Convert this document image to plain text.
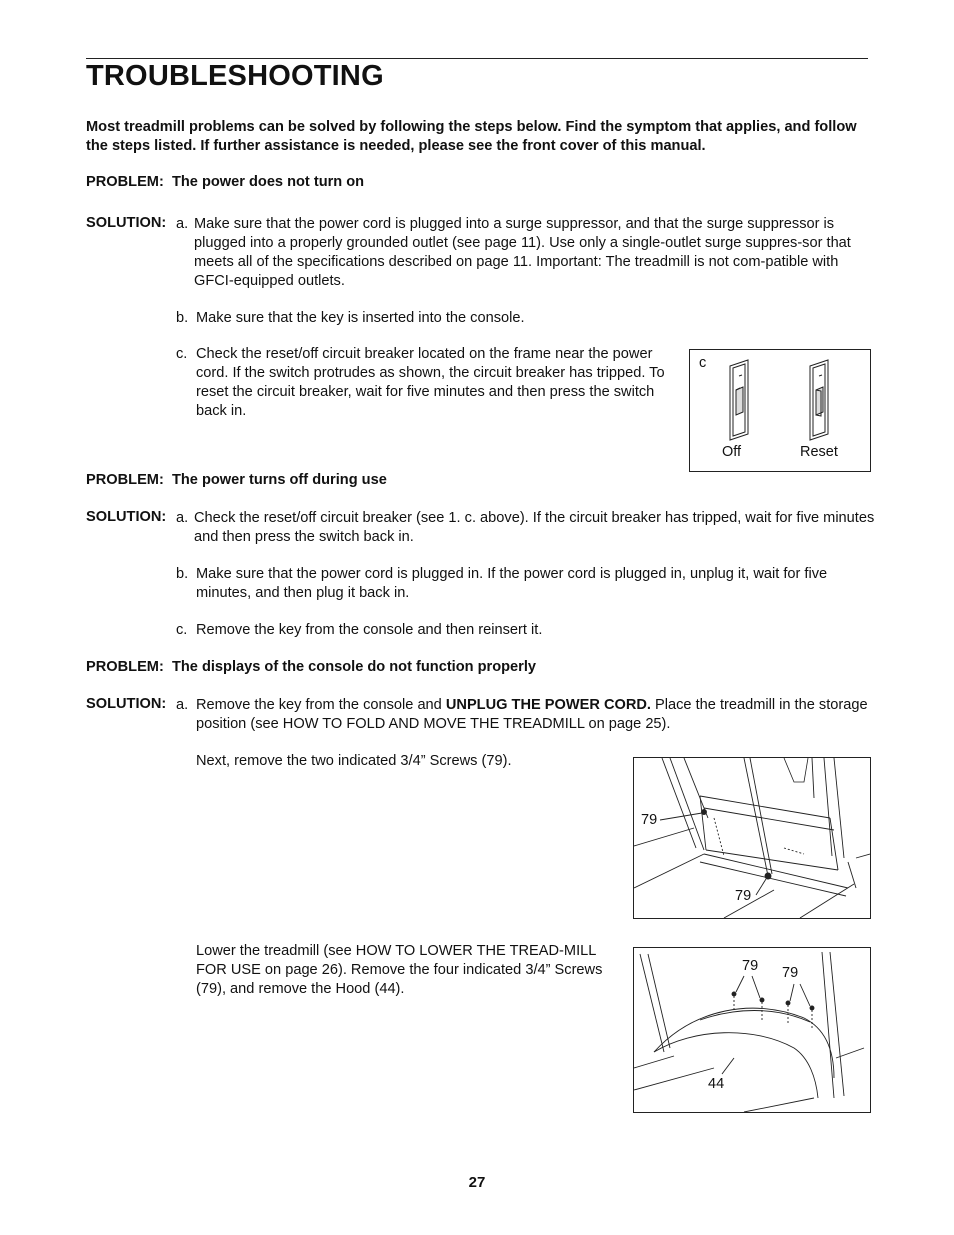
TROUBLESHOOTING

Most treadmill problems can be solved by following the steps below. Find the symptom that applies, and follow the steps listed. If further assistance is needed, please see the front cover of this manual.

PROBLEM: The power does not turn on
SOLUTION: a. Make sure that the power cord is plugged into a surge suppressor, and that the surge suppressor is plugged into a properly grounded outlet (see page 11). Use only a single-outlet surge suppres-sor that meets all of the specifications described on page 11. Important: The treadmill is not com-patible with GFCI-equipped outlets.
b. Make sure that the key is inserted into the console.
c. Check the reset/off circuit breaker located on the frame near the power cord. If the switch protrudes as shown, the circuit breaker has tripped. To reset the circuit breaker, wait for five minutes and then press the switch back in.
c
Off	Reset
PROBLEM: The power turns off during use
SOLUTION: a. Check the reset/off circuit breaker (see 1. c. above). If the circuit breaker has tripped, wait for five minutes and then press the switch back in.
b. Make sure that the power cord is plugged in. If the power cord is plugged in, unplug it, wait for five minutes, and then plug it back in.
c. Remove the key from the console and then reinsert it.
PROBLEM: The displays of the console do not function properly
SOLUTION: a. Remove the key from the console and UNPLUG THE POWER CORD. Place the treadmill in the storage position (see HOW TO FOLD AND MOVE THE TREADMILL on page 25).

Next, remove the two indicated 3/4” Screws (79).

79
79

Lower the treadmill (see HOW TO LOWER THE TREAD-MILL FOR USE on page 26). Remove the four indicated 3/4” Screws (79), and remove the Hood (44).

79 79
44
27
